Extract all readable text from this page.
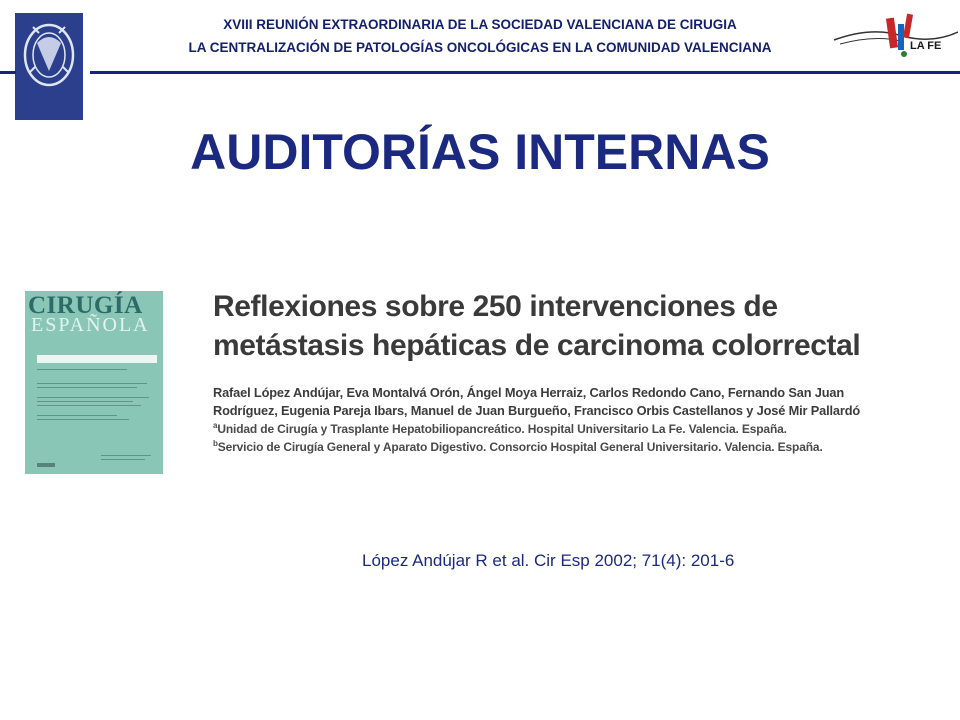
XVIII REUNIÓN EXTRAORDINARIA DE LA SOCIEDAD VALENCIANA DE CIRUGIA
LA CENTRALIZACIÓN DE PATOLOGÍAS ONCOLÓGICAS EN LA COMUNIDAD VALENCIANA	LA FE
AUDITORÍAS INTERNAS
CIRUGÍA
ESPAÑOLA
Reflexiones sobre 250 intervenciones de
metástasis hepáticas de carcinoma colorrectal
Rafael López Andújar, Eva Montalvá Orón, Ángel Moya Herraiz, Carlos Redondo Cano, Fernando San Juan
Rodríguez, Eugenia Pareja Ibars, Manuel de Juan Burgueño, Francisco Orbis Castellanos y José Mir Pallardó
$^a$Unidad de Cirugía y Trasplante Hepatobiliopancreático. Hospital Universitario La Fe. Valencia. España.
$^b$Servicio de Cirugía General y Aparato Digestivo. Consorcio Hospital General Universitario. Valencia. España.
López Andújar R et al. Cir Esp 2002; 71(4): 201-6
